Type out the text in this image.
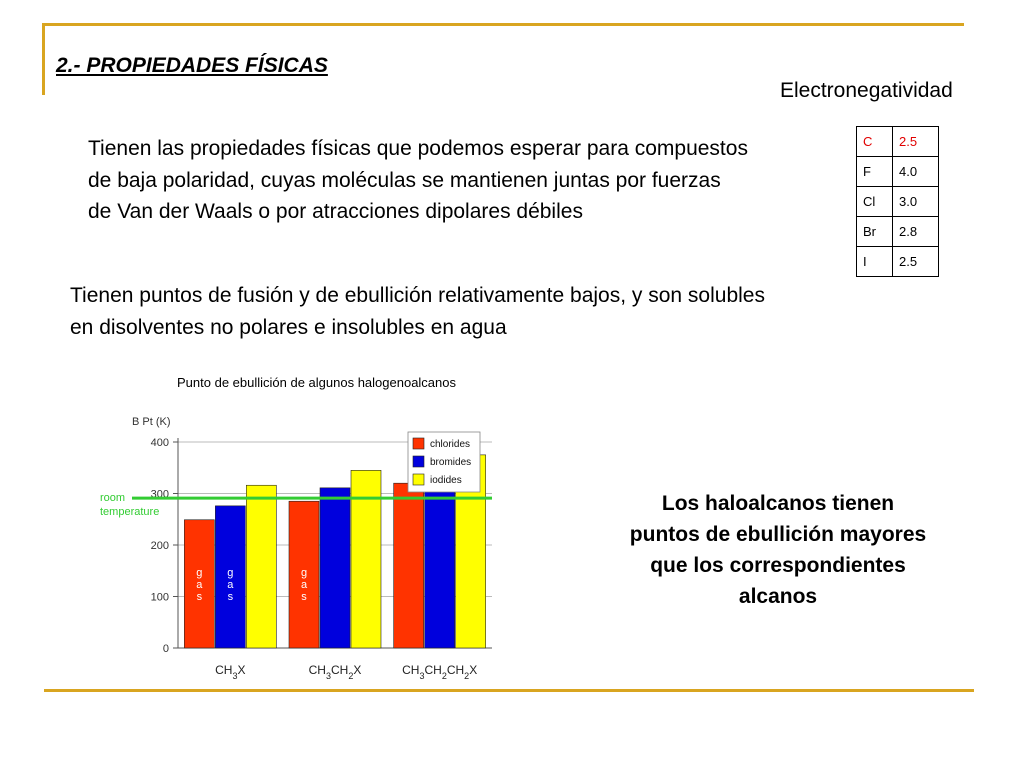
2.- PROPIEDADES FÍSICAS
Electronegatividad
Tienen las propiedades físicas que podemos esperar para compuestos de baja polaridad, cuyas moléculas se mantienen juntas por fuerzas de Van der Waals o por atracciones dipolares débiles
Tienen puntos de fusión y de ebullición relativamente bajos, y son solubles en disolventes no polares e insolubles en agua
C	2.5
F	4.0
Cl	3.0
Br	2.8
I	2.5
Punto de ebullición de algunos halogenoalcanos
B Pt (K)
0
100
200
300
400
g a s
g a s
g a s
$CH_3X$	$CH_3CH_2X$	$CH_3CH_2CH_2X$
room
temperature
chlorides
bromides
iodides
Los haloalcanos tienen puntos de ebullición mayores que los correspondientes alcanos
